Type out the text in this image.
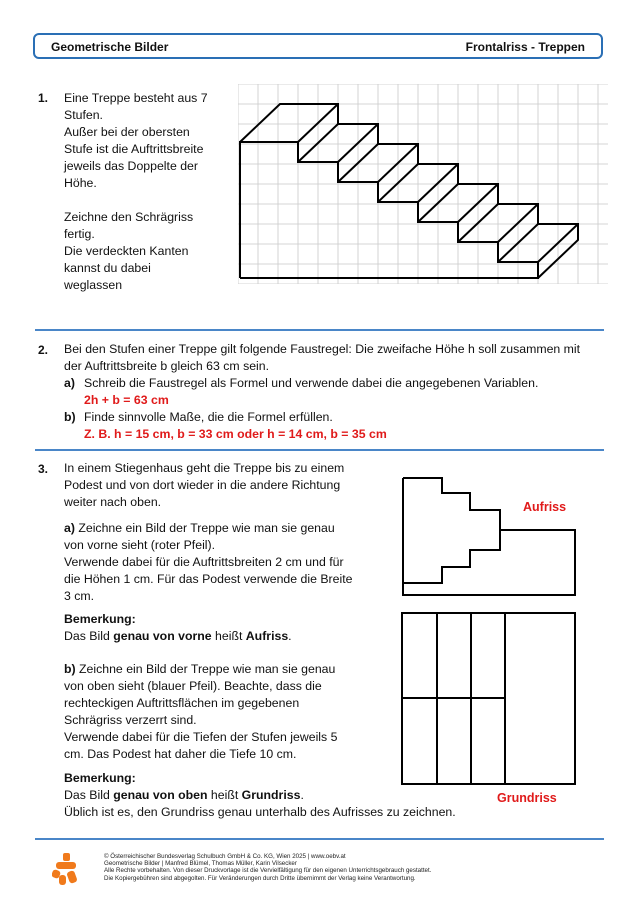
Geometrische Bilder	Frontalriss - Treppen
1. Eine Treppe besteht aus 7
Stufen.
Außer bei der obersten
Stufe ist die Auftrittsbreite
jeweils das Doppelte der
Höhe.
Zeichne den Schrägriss
fertig.
Die verdeckten Kanten
kannst du dabei
weglassen
2. Bei den Stufen einer Treppe gilt folgende Faustregel: Die zweifache Höhe h soll zusammen mit
der Auftrittsbreite b gleich 63 cm sein.
a) Schreib die Faustregel als Formel und verwende dabei die angegebenen Variablen.
2h + b = 63 cm
b) Finde sinnvolle Maße, die die Formel erfüllen.
Z. B. h = 15 cm, b = 33 cm oder h = 14 cm, b = 35 cm
3. In einem Stiegenhaus geht die Treppe bis zu einem
Podest und von dort wieder in die andere Richtung
weiter nach oben.
a) Zeichne ein Bild der Treppe wie man sie genau
von vorne sieht (roter Pfeil).
Verwende dabei für die Auftrittsbreiten 2 cm und für
die Höhen 1 cm. Für das Podest verwende die Breite
3 cm.
Bemerkung:
Das Bild genau von vorne heißt Aufriss.
b) Zeichne ein Bild der Treppe wie man sie genau
von oben sieht (blauer Pfeil). Beachte, dass die
rechteckigen Auftrittsflächen im gegebenen
Schrägriss verzerrt sind.
Verwende dabei für die Tiefen der Stufen jeweils 5
cm. Das Podest hat daher die Tiefe 10 cm.
Bemerkung:
Das Bild genau von oben heißt Grundriss.
Üblich ist es, den Grundriss genau unterhalb des Aufrisses zu zeichnen.
Aufriss
Grundriss
© Österreichischer Bundesverlag Schulbuch GmbH & Co. KG, Wien 2025 | www.oebv.at
Geometrische Bilder | Manfred Blümel, Thomas Müller, Karin Vilsecker
Alle Rechte vorbehalten. Von dieser Druckvorlage ist die Vervielfältigung für den eigenen Unterrichtsgebrauch gestattet.
Die Kopiergebühren sind abgegolten. Für Veränderungen durch Dritte übernimmt der Verlag keine Verantwortung.
